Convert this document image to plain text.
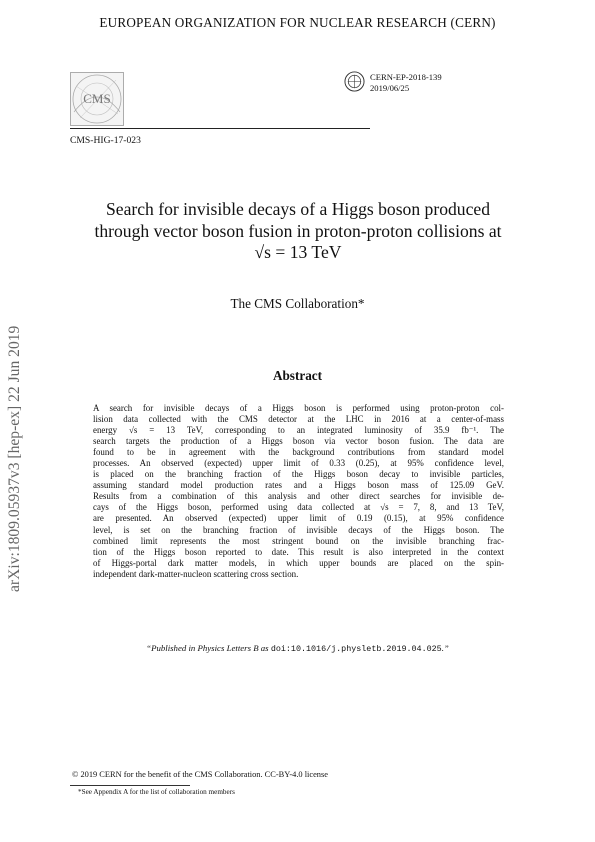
EUROPEAN ORGANIZATION FOR NUCLEAR RESEARCH (CERN)
CMS
CMS-HIG-17-023
CERN-EP-2018-139
2019/06/25
Search for invisible decays of a Higgs boson produced
through vector boson fusion in proton-proton collisions at
√s = 13 TeV
The CMS Collaboration*
Abstract
A search for invisible decays of a Higgs boson is performed using proton-proton col-
lision data collected with the CMS detector at the LHC in 2016 at a center-of-mass
energy √s = 13 TeV, corresponding to an integrated luminosity of 35.9 fb⁻¹. The
search targets the production of a Higgs boson via vector boson fusion. The data are
found to be in agreement with the background contributions from standard model
processes. An observed (expected) upper limit of 0.33 (0.25), at 95% confidence level,
is placed on the branching fraction of the Higgs boson decay to invisible particles,
assuming standard model production rates and a Higgs boson mass of 125.09 GeV.
Results from a combination of this analysis and other direct searches for invisible de-
cays of the Higgs boson, performed using data collected at √s = 7, 8, and 13 TeV,
are presented. An observed (expected) upper limit of 0.19 (0.15), at 95% confidence
level, is set on the branching fraction of invisible decays of the Higgs boson. The
combined limit represents the most stringent bound on the invisible branching frac-
tion of the Higgs boson reported to date. This result is also interpreted in the context
of Higgs-portal dark matter models, in which upper bounds are placed on the spin-
independent dark-matter-nucleon scattering cross section.
“Published in Physics Letters B as doi:10.1016/j.physletb.2019.04.025.”
arXiv:1809.05937v3 [hep-ex] 22 Jun 2019
© 2019 CERN for the benefit of the CMS Collaboration. CC-BY-4.0 license
*See Appendix A for the list of collaboration members
